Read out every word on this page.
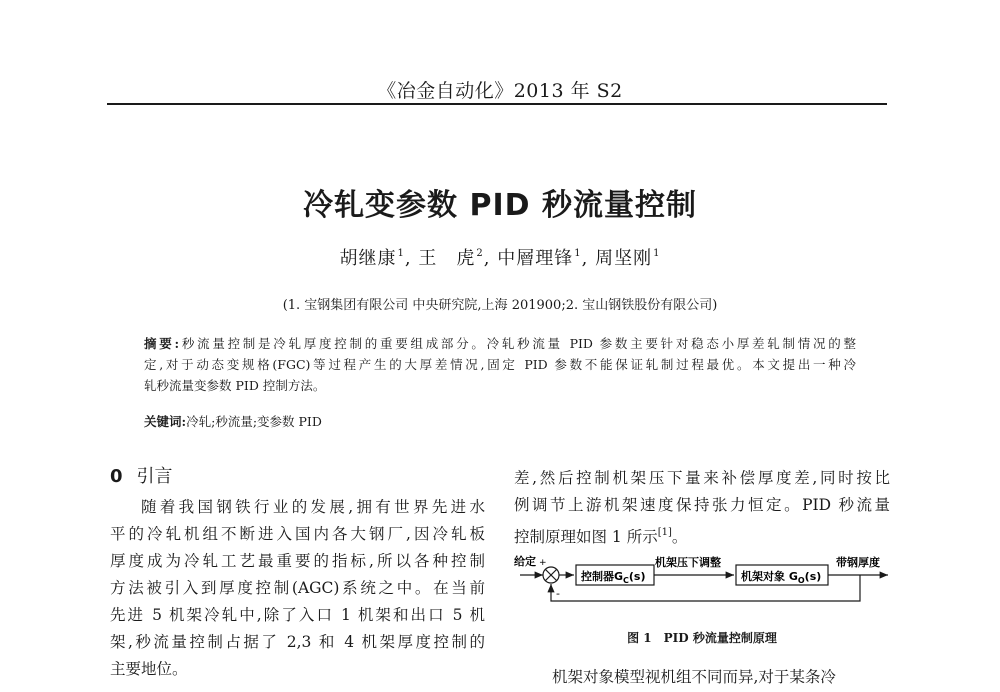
《冶金自动化》2013 年 S2
冷轧变参数 PID 秒流量控制
胡继康$^1$, 王　虎$^2$, 中層理锋$^1$, 周坚刚$^1$
(1. 宝钢集团有限公司 中央研究院,上海 201900;2. 宝山钢铁股份有限公司)
摘要:秒流量控制是冷轧厚度控制的重要组成部分。冷轧秒流量 PID 参数主要针对稳态小厚差轧制情况的整
定,对于动态变规格(FGC)等过程产生的大厚差情况,固定 PID 参数不能保证轧制过程最优。本文提出一种冷
轧秒流量变参数 PID 控制方法。
关键词:冷轧;秒流量;变参数 PID
0 引言
随着我国钢铁行业的发展,拥有世界先进水
平的冷轧机组不断进入国内各大钢厂,因冷轧板
厚度成为冷轧工艺最重要的指标,所以各种控制
方法被引入到厚度控制(AGC)系统之中。在当前
先进 5 机架冷轧中,除了入口 1 机架和出口 5 机
架,秒流量控制占据了 2,3 和 4 机架厚度控制的
主要地位。
差,然后控制机架压下量来补偿厚度差,同时按比
例调节上游机架速度保持张力恒定。PID 秒流量
控制原理如图 1 所示[1]。
给定 +
控制器$G_C(s)$
机架压下调整
机架对象 $G_O(s)$
带钢厚度
-
图 1　PID 秒流量控制原理
机架对象模型视机组不同而异,对于某条冷
